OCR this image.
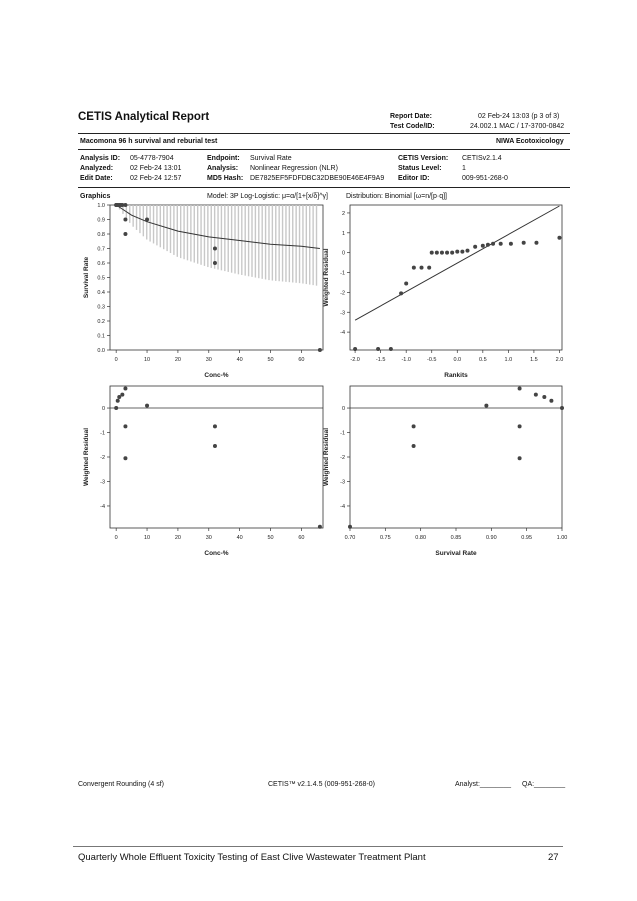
CETIS Analytical Report	Report Date:	02 Feb-24 13:03 (p 3 of 3)
Test Code/ID:	24.002.1 MAC / 17-3700-0842
Macomona 96 h survival and reburial test	NIWA Ecotoxicology
Analysis ID: 05-4778-7904
Analyzed: 02 Feb-24 13:01
Edit Date: 02 Feb-24 12:57
Endpoint: Survival Rate
Analysis: Nonlinear Regression (NLR)
MD5 Hash: DE7825EF5FDFDBC32DBE90E46E4F9A9
CETIS Version: CETISv2.1.4
Status Level:	1
Editor ID:	009-951-268-0
Graphics	Model: 3P Log-Logistic: μ=α/[1+[x/δ]^γ]	Distribution: Binomial [ω=n/[p·q]]
0	10	20	30	40	50	60
0.0
0.1
0.2
0.3
0.4
0.5
0.6
0.7
0.8
0.9
1.0
Conc-%
Survival Rate
-2.0	-1.5	-1.0	-0.5	0.0	0.5	1.0	1.5	2.0
2
1
0
-1
-2
-3
-4
Rankits
Weighted Residual
0	10	20	30	40	50	60
0
-1
-2
-3
-4
Conc-%
Weighted Residual
0.70	0.75	0.80	0.85	0.90	0.95	1.00
0
-1
-2
-3
-4
Survival Rate
Weighted Residual
Convergent Rounding (4 sf)	CETIS™ v2.1.4.5 (009-951-268-0)	Analyst:________ QA:________
Quarterly Whole Effluent Toxicity Testing of East Clive Wastewater Treatment Plant	27
